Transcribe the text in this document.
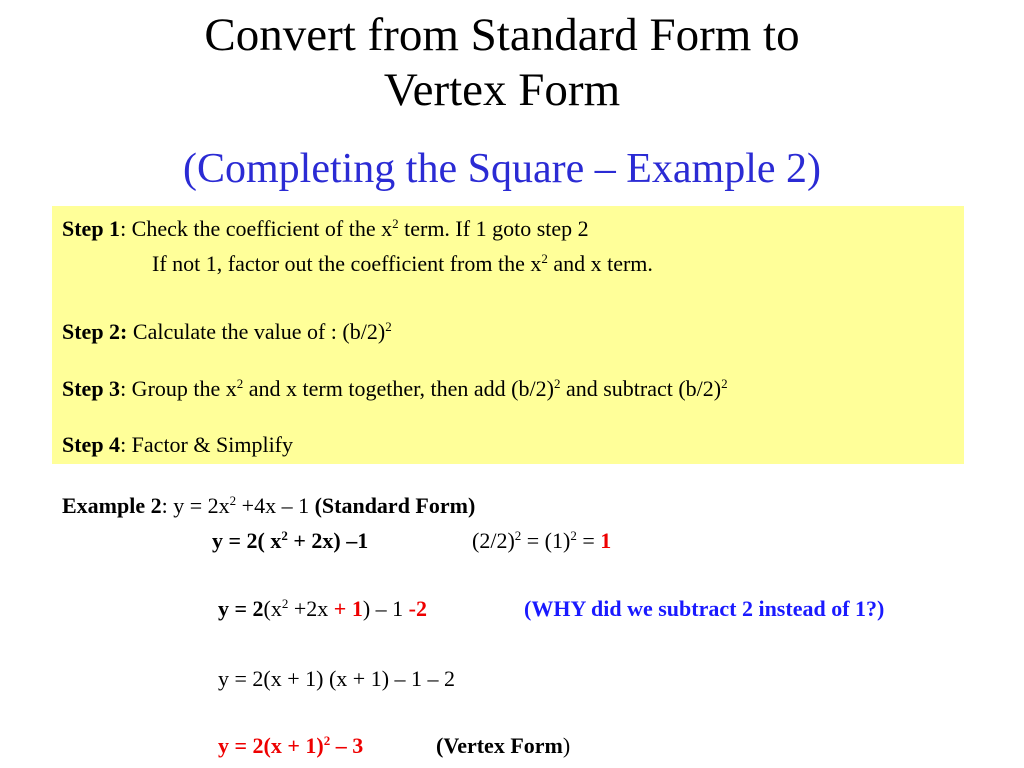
Convert from Standard Form to
Vertex Form
(Completing the Square – Example 2)
Step 1: Check the coefficient of the $x^2$ term. If 1 goto step 2
If not 1, factor out the coefficient from the $x^2$ and x term.
Step 2: Calculate the value of : $(b/2)^2$
Step 3: Group the $x^2$ and x term together, then add $(b/2)^2$ and subtract $(b/2)^2$
Step 4: Factor & Simplify
Example 2: $y = 2x^2 +4x - 1$ (Standard Form)
y = 2( $x^2 + 2x$) –1	$(2/2)^2 = (1)^2 = 1$
$y = 2(x^2 +2x + 1) - 1$ -2	(WHY did we subtract 2 instead of 1?)
y = 2(x + 1) (x + 1) – 1 – 2
$y = 2(x + 1)^2 - 3$	(Vertex Form)
